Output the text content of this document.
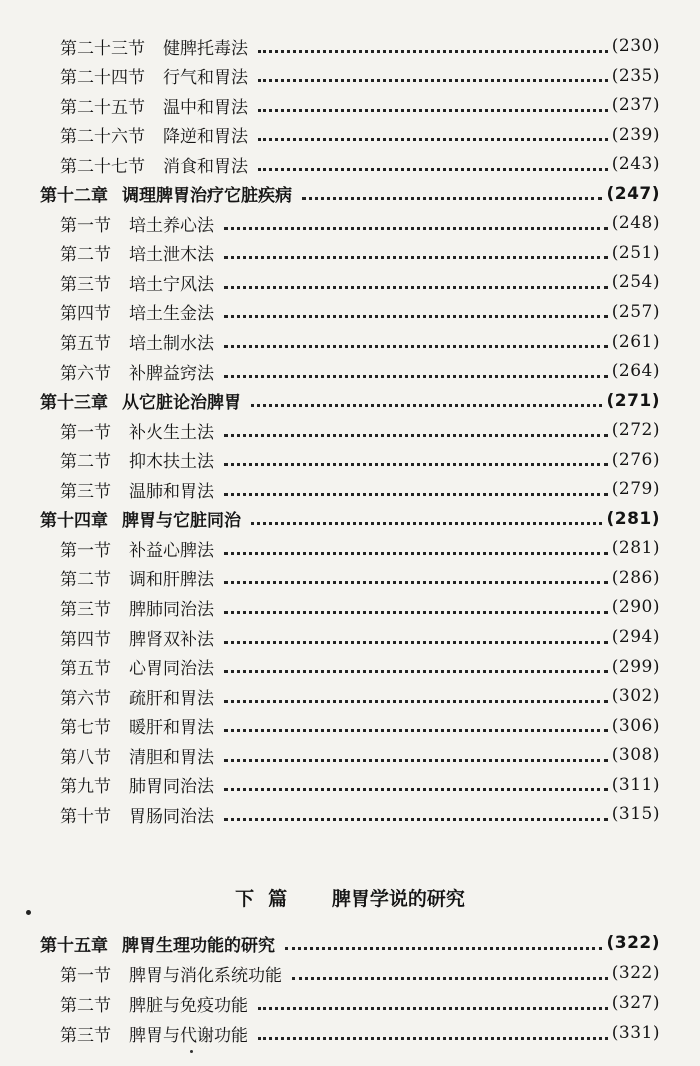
第二十三节 健脾托毒法	(230)
第二十四节 行气和胃法	(235)
第二十五节 温中和胃法	(237)
第二十六节 降逆和胃法	(239)
第二十七节 消食和胃法	(243)
第十二章 调理脾胃治疗它脏疾病	(247)
第一节 培土养心法	(248)
第二节 培土泄木法	(251)
第三节 培土宁风法	(254)
第四节 培土生金法	(257)
第五节 培土制水法	(261)
第六节 补脾益窍法	(264)
第十三章 从它脏论治脾胃	(271)
第一节 补火生土法	(272)
第二节 抑木扶土法	(276)
第三节 温肺和胃法	(279)
第十四章 脾胃与它脏同治	(281)
第一节 补益心脾法	(281)
第二节 调和肝脾法	(286)
第三节 脾肺同治法	(290)
第四节 脾肾双补法	(294)
第五节 心胃同治法	(299)
第六节 疏肝和胃法	(302)
第七节 暖肝和胃法	(306)
第八节 清胆和胃法	(308)
第九节 肺胃同治法	(311)
第十节 胃肠同治法	(315)
下篇 脾胃学说的研究
第十五章 脾胃生理功能的研究	(322)
第一节 脾胃与消化系统功能	(322)
第二节 脾脏与免疫功能	(327)
第三节 脾胃与代谢功能	(331)
